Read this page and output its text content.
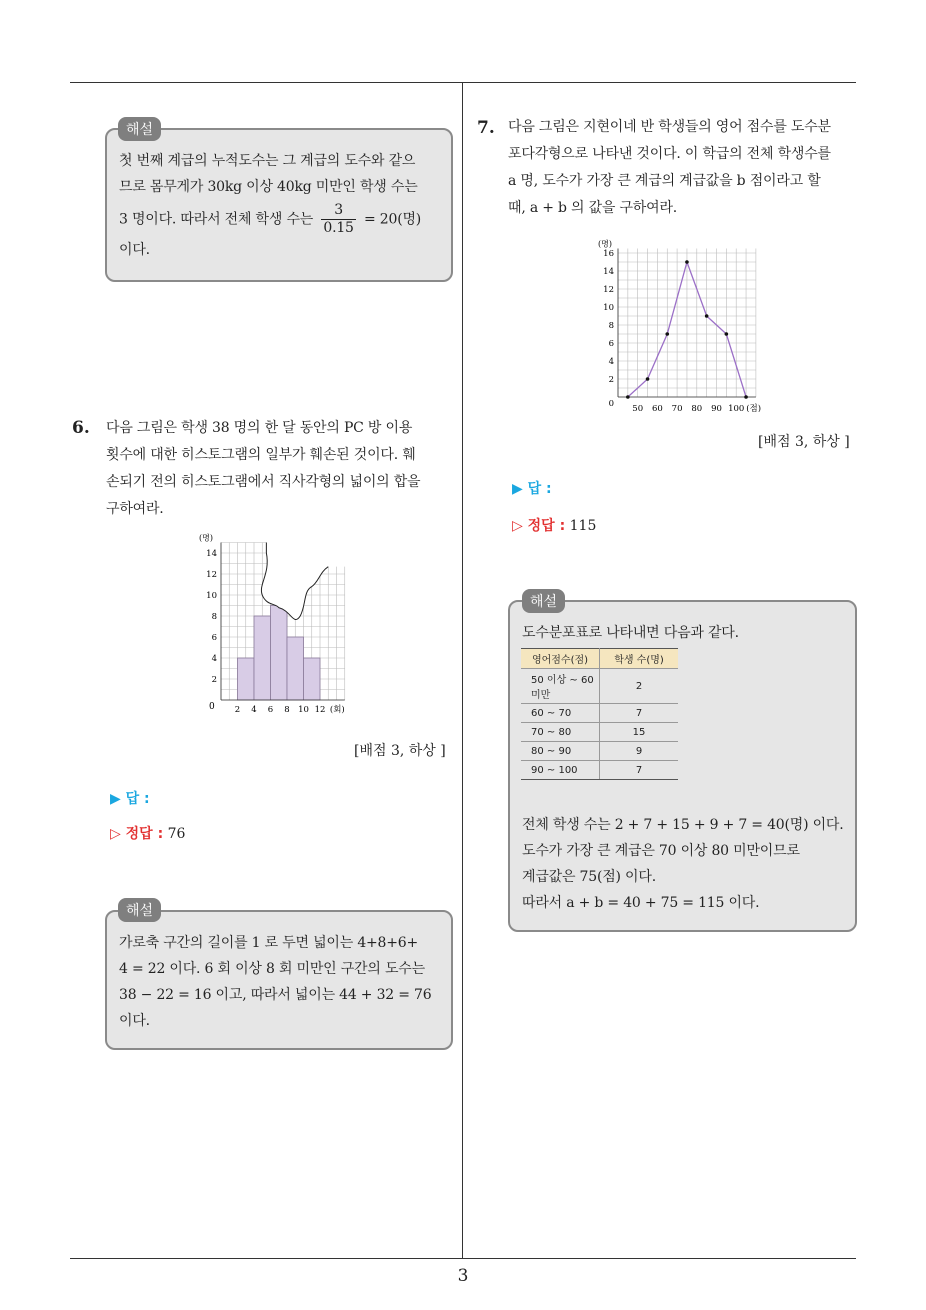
3
첫 번째 계급의 누적도수는 그 계급의 도수와 같으
므로 몸무게가 30kg 이상 40kg 미만인 학생 수는
3 명이다. 따라서 전체 학생 수는 $\frac{3}{0.15} = 20$(명)
이다.
해설
6. 다음 그림은 학생 38 명의 한 달 동안의 PC 방 이용
횟수에 대한 히스토그램의 일부가 훼손된 것이다. 훼
손되기 전의 히스토그램에서 직사각형의 넓이의 합을
구하여라.
0 2 4 6 8 10 12
2
4
6
8
10
12
14
(명)
(회)
[배점 3, 하상 ]
▶ 답 :
▷ 정답 : 76
가로축 구간의 길이를 1 로 두면 넓이는 4+8+6+
4 = 22 이다. 6 회 이상 8 회 미만인 구간의 도수는
38 − 22 = 16 이고, 따라서 넓이는 44 + 32 = 76
이다.
해설
7. 다음 그림은 지현이네 반 학생들의 영어 점수를 도수분
포다각형으로 나타낸 것이다. 이 학급의 전체 학생수를
a 명, 도수가 가장 큰 계급의 계급값을 b 점이라고 할
때, a + b 의 값을 구하여라.
50 60 70 80 90 100
0
2
4
6
8
10
12
14
16
(명)
(점)
[배점 3, 하상 ]
▶ 답 :
▷ 정답 : 115
도수분포표로 나타내면 다음과 같다.
전체 학생 수는 2 + 7 + 15 + 9 + 7 = 40(명) 이다.
도수가 가장 큰 계급은 70 이상 80 미만이므로
계급값은 75(점) 이다.
따라서 a + b = 40 + 75 = 115 이다.
해설
영어점수(점)	학생 수(명)
50 이상 ~ 60 미만	2
60 ~ 70	7
70 ~ 80	15
80 ~ 90	9
90 ~ 100	7
